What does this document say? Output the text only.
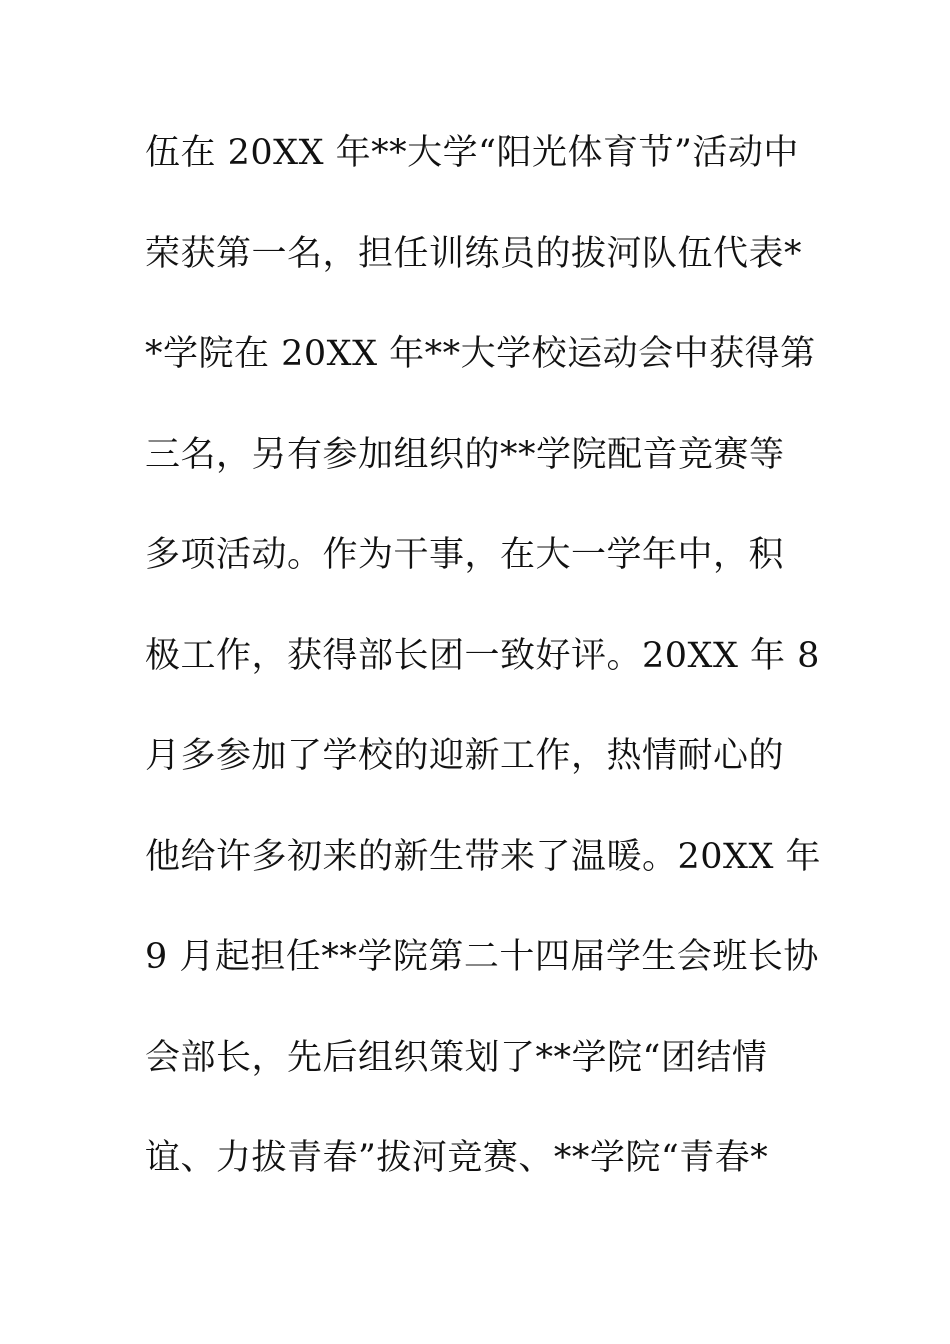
伍在 20XX 年**大学“阳光体育节”活动中
荣获第一名，担任训练员的拔河队伍代表*
*学院在 20XX 年**大学校运动会中获得第
三名，另有参加组织的**学院配音竞赛等
多项活动。作为干事，在大一学年中，积
极工作，获得部长团一致好评。20XX 年 8
月多参加了学校的迎新工作，热情耐心的
他给许多初来的新生带来了温暖。20XX 年
9 月起担任**学院第二十四届学生会班长协
会部长，先后组织策划了**学院“团结情
谊、力拔青春”拔河竞赛、**学院“青春*
